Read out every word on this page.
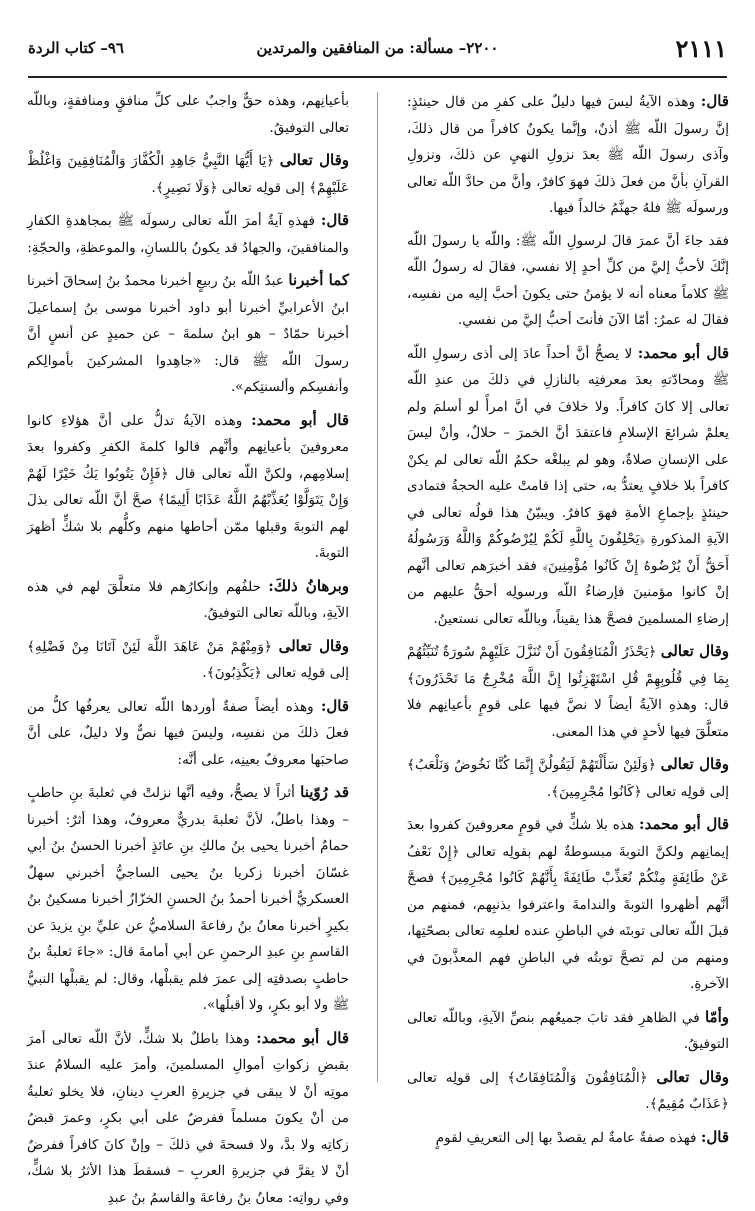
٢١١١
٢٢٠٠– مسألة: من المنافقين والمرتدين
٩٦– كتاب الردة

قال: وهذه الآيةُ ليسَ فيها دليلٌ على كفرِ من قال حينئذٍ: إنَّ رسولَ اللّه ﷺ أذنٌ، وإنَّما يكونُ كافراً من قال ذلكَ، وآذى رسولَ اللّه ﷺ بعدَ نزولِ النهيِ عن ذلكَ، ونزولِ القرآنِ بأنَّ من فعلَ ذلكَ فهوَ كافرٌ، وأنَّ من حادَّ اللّه تعالى ورسولَه ﷺ فلهُ جهنَّمُ خالداً فيها.

فقد جاءَ أنَّ عمرَ قالَ لرسولِ اللّه ﷺ: واللّه يا رسولَ اللّه إنَّكَ لأحبُّ إليَّ من كلِّ أحدٍ إلا نفسي، فقالَ له رسولُ اللّه ﷺ كلاماً معناه أنه لا يؤمنُ حتى يكونَ أحبَّ إليه من نفسِه، فقالَ له عمرُ: أمّا الآنَ فأنتَ أحبُّ إليَّ من نفسي.

قال أبو محمد: لا يصحُّ أنَّ أحداً عادَ إلى أذى رسولِ اللّه ﷺ ومحادّتهِ بعدَ معرفتِه بالنازلِ في ذلكَ من عندِ اللّه تعالى إلا كانَ كافراً. ولا خلافَ في أنَّ امرأً لو أسلمَ ولم يعلمْ شرائعَ الإسلامِ فاعتقدَ أنَّ الخمرَ – حلالٌ، وأنْ ليسَ على الإنسانِ صلاةٌ، وهو لم يبلغْه حكمُ اللّه تعالى لم يكنْ كافراً بلا خلافٍ يعتدُّ به، حتى إذا قامتْ عليه الحجةُ فتمادى حينئذٍ بإجماعِ الأمةِ فهوَ كافرٌ. ويبيّنُ هذا قولُه تعالى في الآيةِ المذكورةِ ﴿يَحْلِفُونَ بِاللَّهِ لَكُمْ لِيُرْضُوكُمْ وَاللَّهُ وَرَسُولُهُ أَحَقُّ أَنْ يُرْضُوهُ إِنْ كَانُوا مُؤْمِنِينَ﴾ فقد أخبرَهم تعالى أنَّهم إنْ كانوا مؤمنينَ فإرضاءُ اللّه ورسولِه أحقُّ عليهم من إرضاءِ المسلمينَ فصحَّ هذا يقيناً، وباللّه تعالى نستعينُ.

وقال تعالى ﴿يَحْذَرُ الْمُنَافِقُونَ أَنْ تُنَزَّلَ عَلَيْهِمْ سُورَةٌ تُنَبِّئُهُمْ بِمَا فِي قُلُوبِهِمْ قُلِ اسْتَهْزِئُوا إِنَّ اللَّهَ مُخْرِجٌ مَا تَحْذَرُونَ﴾ قال: وهذهِ الآيةُ أيضاً لا نصَّ فيها على قومٍ بأعيانِهم فلا متعلَّقَ فيها لأحدٍ في هذا المعنى.

وقال تعالى ﴿وَلَئِنْ سَأَلْتَهُمْ لَيَقُولُنَّ إِنَّمَا كُنَّا نَخُوضُ وَنَلْعَبُ﴾ إلى قولِه تعالى ﴿كَانُوا مُجْرِمِينَ﴾.

قال أبو محمد: هذه بلا شكٍّ في قومٍ معروفينَ كفروا بعدَ إيمانِهم ولكنَّ التوبةَ مبسوطةٌ لهم بقولِه تعالى ﴿إِنْ نَعْفُ عَنْ طَائِفَةٍ مِنْكُمْ نُعَذِّبْ طَائِفَةً بِأَنَّهُمْ كَانُوا مُجْرِمِينَ﴾ فصحَّ أنَّهم أظهروا التوبةَ والندامةَ واعترفوا بذنبِهم، فمنهم من قبلَ اللّه تعالى توبتَه في الباطنِ عنده لعلمِه تعالى بصحّتِها، ومنهم من لم تصحَّ توبتُه في الباطنِ فهم المعذَّبونَ في الآخرةِ.

وأمّا في الظاهرِ فقد تابَ جميعُهم بنصِّ الآيةِ، وباللّه تعالى التوفيقُ.

وقال تعالى ﴿الْمُنَافِقُونَ وَالْمُنَافِقَاتُ﴾ إلى قولِه تعالى ﴿عَذَابٌ مُقِيمٌ﴾.

قال: فهذه صفةٌ عامةٌ لم يقصدْ بها إلى التعريفِ لقومٍ

بأعيانِهم، وهذه حقٌّ واجبٌ على كلِّ منافقٍ ومنافقةٍ، وباللّه تعالى التوفيقُ.

وقال تعالى ﴿يَا أَيُّهَا النَّبِيُّ جَاهِدِ الْكُفَّارَ وَالْمُنَافِقِينَ وَاغْلُظْ عَلَيْهِمْ﴾ إلى قولِه تعالى ﴿وَلَا نَصِيرٍ﴾.

قال: فهذهِ آيةٌ أمرَ اللّه تعالى رسولَه ﷺ بمجاهدةِ الكفارِ والمنافقينَ، والجهادُ قد يكونُ باللسانِ، والموعظةِ، والحجّةِ:

كما أخبرنا عبدُ اللّه بنُ ربيعٍ أخبرنا محمدُ بنُ إسحاقَ أخبرنا ابنُ الأعرابيِّ أخبرنا أبو داود أخبرنا موسى بنُ إسماعيلَ أخبرنا حمّادٌ – هو ابنُ سلمةَ – عن حميدٍ عن أنسٍ أنَّ رسولَ اللّه ﷺ قال: «جاهِدوا المشركينَ بأموالِكم وأنفسِكم وألسنتِكم».

قال أبو محمد: وهذه الآيةُ تدلُّ على أنَّ هؤلاءِ كانوا معروفينَ بأعيانِهم وأنَّهم قالوا كلمةَ الكفرِ وكفروا بعدَ إسلامِهم، ولكنَّ اللّه تعالى قال ﴿فَإِنْ يَتُوبُوا يَكُ خَيْرًا لَهُمْ وَإِنْ يَتَوَلَّوْا يُعَذِّبْهُمُ اللَّهُ عَذَابًا أَلِيمًا﴾ صحَّ أنَّ اللّه تعالى بذلَ لهم التوبةَ وقبلها ممّن أحاطها منهم وكلُّهم بلا شكٍّ أظهرَ التوبةَ.

وبرهانُ ذلكَ: حلفُهم وإنكارُهم فلا متعلَّقَ لهم في هذه الآيةِ، وباللّه تعالى التوفيقُ.

وقال تعالى ﴿وَمِنْهُمْ مَنْ عَاهَدَ اللَّهَ لَئِنْ آتَانَا مِنْ فَضْلِهِ﴾ إلى قولِه تعالى ﴿يَكْذِبُونَ﴾.

قال: وهذه أيضاً صفةٌ أوردها اللّه تعالى يعرفُها كلُّ من فعلَ ذلكَ من نفسِه، وليسَ فيها نصٌّ ولا دليلٌ، على أنَّ صاحبَها معروفٌ بعينِه، على أنَّه:

قد رُوّينا أثراً لا يصحُّ، وفيه أنَّها نزلتْ في ثعلبةَ بنِ حاطبٍ – وهذا باطلٌ، لأنَّ ثعلبةَ بدريٌّ معروفٌ، وهذا أثرٌ: أخبرنا حمامٌ أخبرنا يحيى بنُ مالكِ بنِ عائذٍ أخبرنا الحسنُ بنُ أبي غسّانَ أخبرنا زكريا بنُ يحيى الساجيُّ أخبرني سهلٌ العسكريُّ أخبرنا أحمدُ بنُ الحسنِ الخزّازُ أخبرنا مسكينُ بنُ بكيرٍ أخبرنا معانُ بنُ رفاعةَ السلاميُّ عن عليِّ بنِ يزيدَ عن القاسمِ بنِ عبدِ الرحمنِ عن أبي أمامةَ قال: «جاءَ ثعلبةُ بنُ حاطبٍ بصدقتِه إلى عمرَ فلم يقبلْها، وقال: لم يقبلْها النبيُّ ﷺ ولا أبو بكرٍ، ولا أقبلُها».

قال أبو محمد: وهذا باطلٌ بلا شكٍّ، لأنَّ اللّه تعالى أمرَ بقبضِ زكواتِ أموالِ المسلمينَ، وأمرَ عليه السلامُ عندَ موتِه أنْ لا يبقى في جزيرةِ العربِ دينانِ، فلا يخلو ثعلبةُ من أنْ يكونَ مسلماً ففرضٌ على أبي بكرٍ، وعمرَ قبضُ زكاتِه ولا بدَّ، ولا فسحةَ في ذلكَ – وإنْ كانَ كافراً ففرضٌ أنْ لا يقرَّ في جزيرةِ العربِ – فسقطَ هذا الأثرُ بلا شكٍّ، وفي رواتِه: معانُ بنُ رفاعةَ والقاسمُ بنُ عبدِ
